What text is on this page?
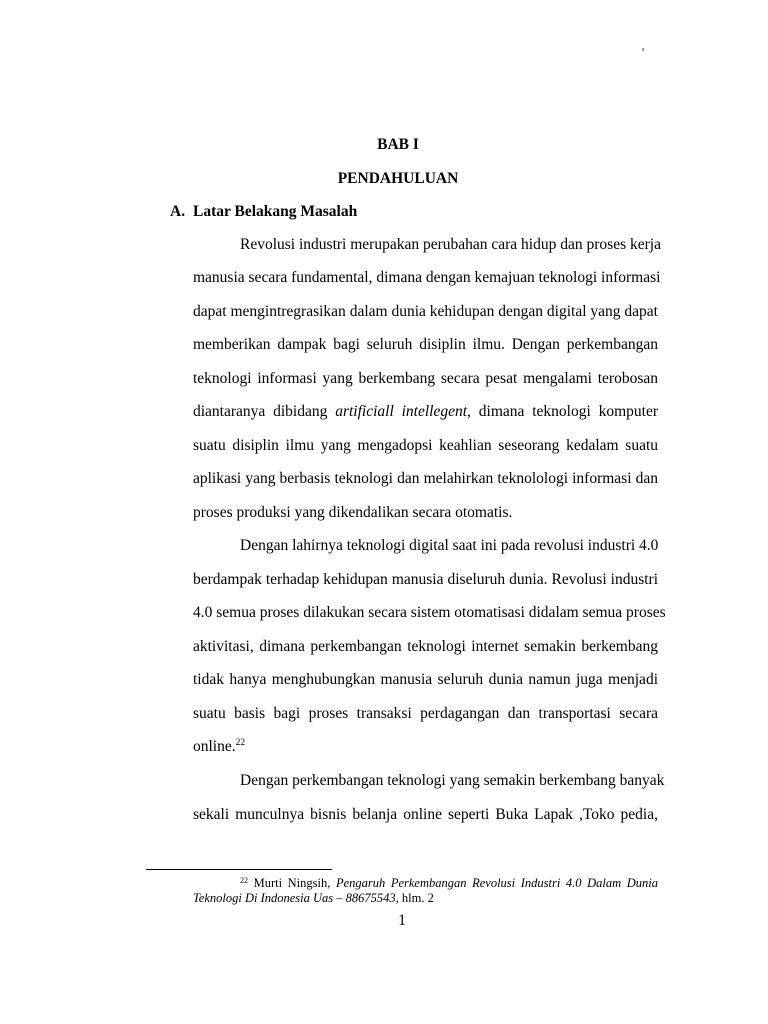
'
BAB I
PENDAHULUAN
A. Latar Belakang Masalah
Revolusi industri merupakan perubahan cara hidup dan proses kerja
manusia secara fundamental, dimana dengan kemajuan teknologi informasi
dapat mengintregrasikan dalam dunia kehidupan dengan digital yang dapat
memberikan dampak bagi seluruh disiplin ilmu. Dengan perkembangan
teknologi informasi yang berkembang secara pesat mengalami terobosan
diantaranya dibidang artificiall intellegent, dimana teknologi komputer
suatu disiplin ilmu yang mengadopsi keahlian seseorang kedalam suatu
aplikasi yang berbasis teknologi dan melahirkan teknolologi informasi dan
proses produksi yang dikendalikan secara otomatis.
Dengan lahirnya teknologi digital saat ini pada revolusi industri 4.0
berdampak terhadap kehidupan manusia diseluruh dunia. Revolusi industri
4.0 semua proses dilakukan secara sistem otomatisasi didalam semua proses
aktivitasi, dimana perkembangan teknologi internet semakin berkembang
tidak hanya menghubungkan manusia seluruh dunia namun juga menjadi
suatu basis bagi proses transaksi perdagangan dan transportasi secara
online.$^{22}$
Dengan perkembangan teknologi yang semakin berkembang banyak
sekali munculnya bisnis belanja online seperti Buka Lapak ,Toko pedia,
$^{22}$ Murti Ningsih, Pengaruh Perkembangan Revolusi Industri 4.0 Dalam Dunia
Teknologi Di Indonesia Uas – 88675543, hlm. 2
1
